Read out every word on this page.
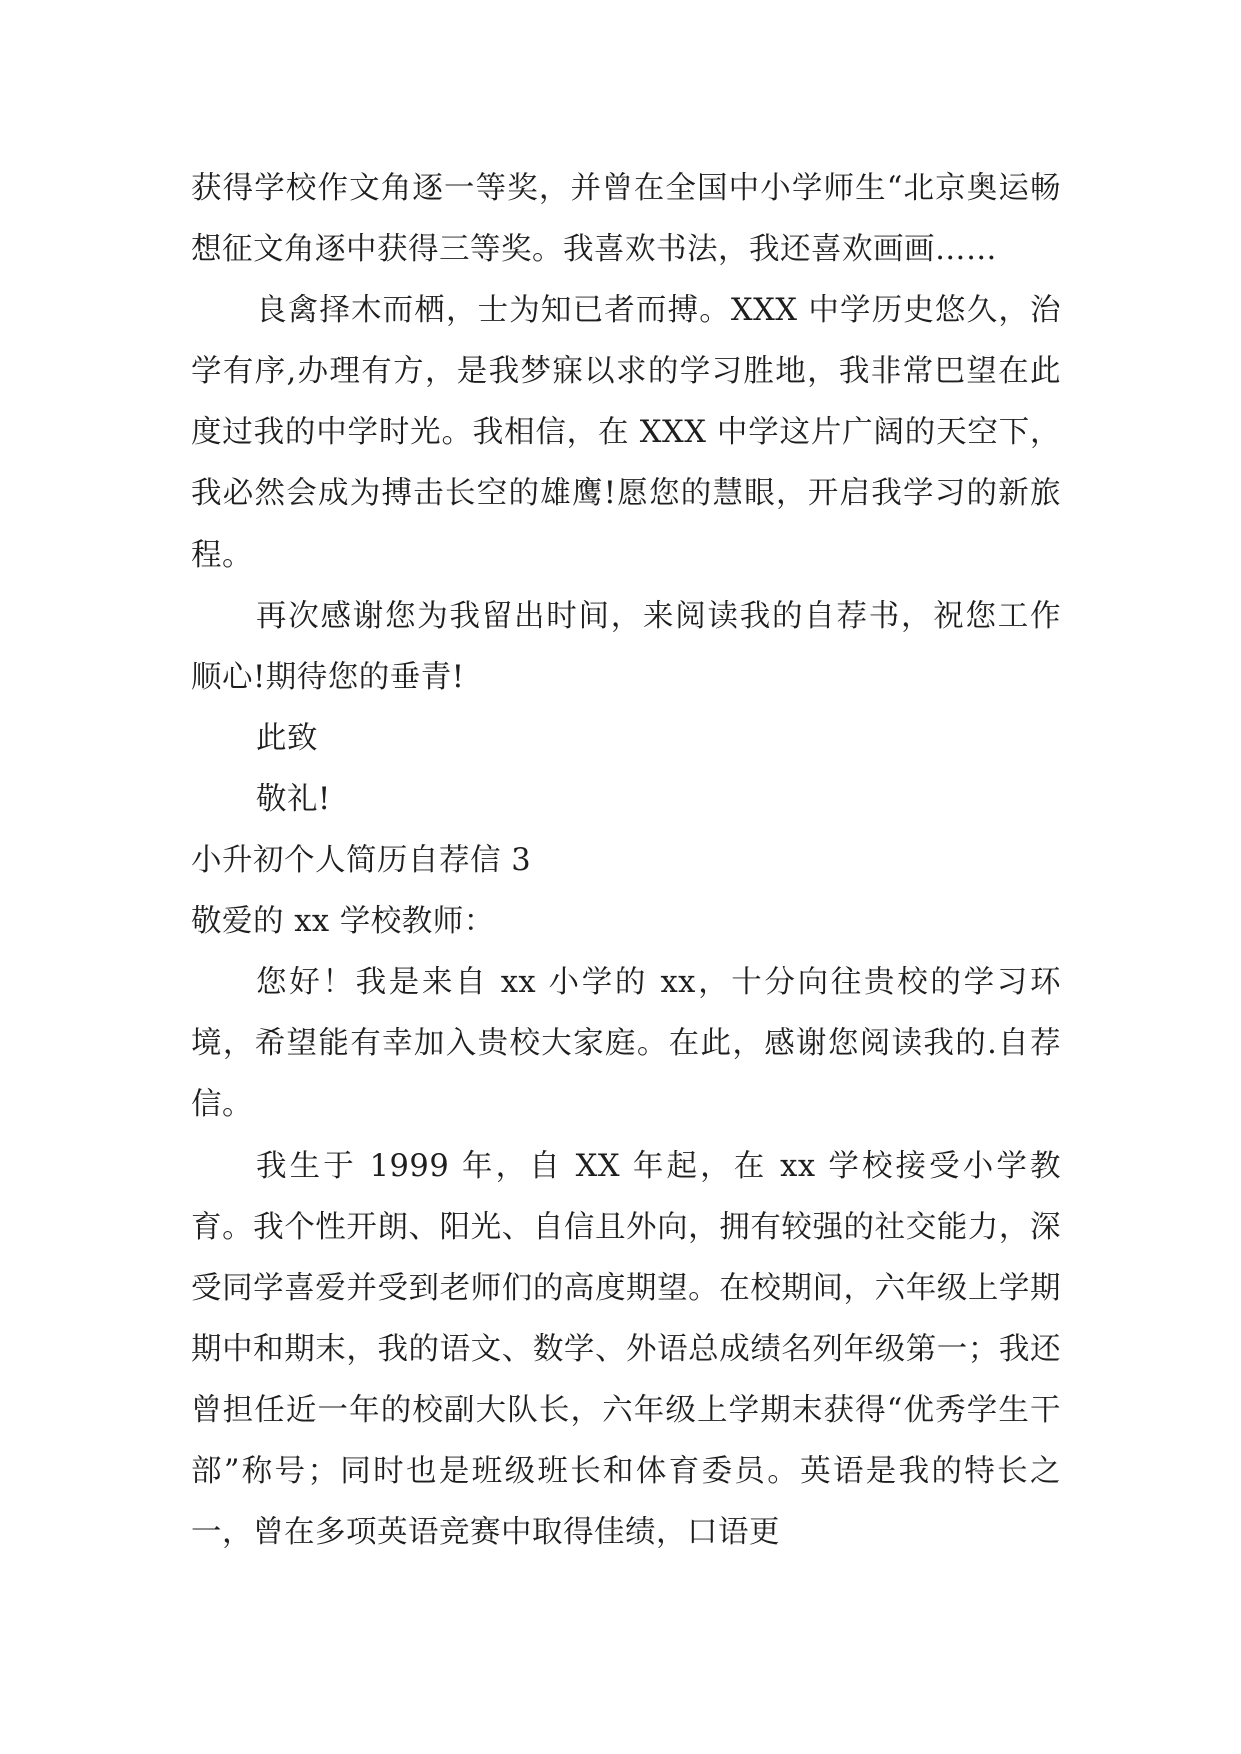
获得学校作文角逐一等奖，并曾在全国中小学师生“北京奥运畅想征文角逐中获得三等奖。我喜欢书法，我还喜欢画画……

良禽择木而栖，士为知已者而搏。XXX 中学历史悠久，治学有序,办理有方，是我梦寐以求的学习胜地，我非常巴望在此度过我的中学时光。我相信，在 XXX 中学这片广阔的天空下，我必然会成为搏击长空的雄鹰!愿您的慧眼，开启我学习的新旅程。

再次感谢您为我留出时间，来阅读我的自荐书，祝您工作顺心!期待您的垂青!

此致

敬礼!

小升初个人简历自荐信 3

敬爱的 xx 学校教师：

您好！我是来自 xx 小学的 xx，十分向往贵校的学习环境，希望能有幸加入贵校大家庭。在此，感谢您阅读我的.自荐信。

我生于 1999 年，自 XX 年起，在 xx 学校接受小学教育。我个性开朗、阳光、自信且外向，拥有较强的社交能力，深受同学喜爱并受到老师们的高度期望。在校期间，六年级上学期期中和期末，我的语文、数学、外语总成绩名列年级第一；我还曾担任近一年的校副大队长，六年级上学期末获得“优秀学生干部”称号；同时也是班级班长和体育委员。英语是我的特长之一，曾在多项英语竞赛中取得佳绩，口语更
